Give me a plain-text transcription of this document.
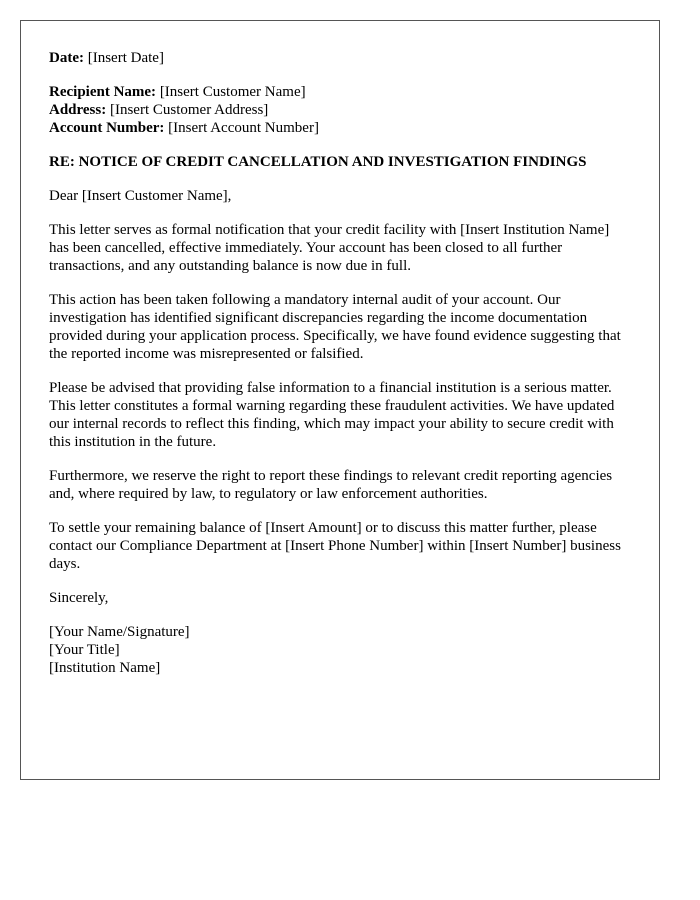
Date: [Insert Date]

Recipient Name: [Insert Customer Name]

Address: [Insert Customer Address]

Account Number: [Insert Account Number]

RE: NOTICE OF CREDIT CANCELLATION AND INVESTIGATION FINDINGS

Dear [Insert Customer Name],

This letter serves as formal notification that your credit facility with [Insert Institution Name] has been cancelled, effective immediately. Your account has been closed to all further transactions, and any outstanding balance is now due in full.

This action has been taken following a mandatory internal audit of your account. Our investigation has identified significant discrepancies regarding the income documentation provided during your application process. Specifically, we have found evidence suggesting that the reported income was misrepresented or falsified.

Please be advised that providing false information to a financial institution is a serious matter. This letter constitutes a formal warning regarding these fraudulent activities. We have updated our internal records to reflect this finding, which may impact your ability to secure credit with this institution in the future.

Furthermore, we reserve the right to report these findings to relevant credit reporting agencies and, where required by law, to regulatory or law enforcement authorities.

To settle your remaining balance of [Insert Amount] or to discuss this matter further, please contact our Compliance Department at [Insert Phone Number] within [Insert Number] business days.

Sincerely,

[Your Name/Signature]

[Your Title]

[Institution Name]
